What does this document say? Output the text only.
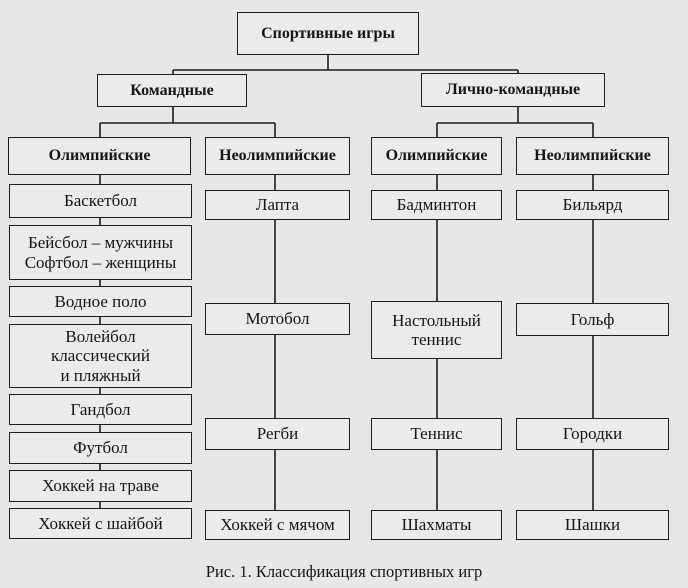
Спортивные игры
Командные	Лично-командные
Олимпийские	Неолимпийские	Олимпийские	Неолимпийские
Баскетбол
Бейсбол – мужчины
Софтбол – женщины
Водное поло
Волейбол
классический
и пляжный
Гандбол
Футбол
Хоккей на траве
Хоккей с шайбой
Лапта
Мотобол
Регби
Хоккей с мячом
Бадминтон
Настольный
теннис
Теннис
Шахматы
Бильярд
Гольф
Городки
Шашки
Рис. 1. Классификация спортивных игр
